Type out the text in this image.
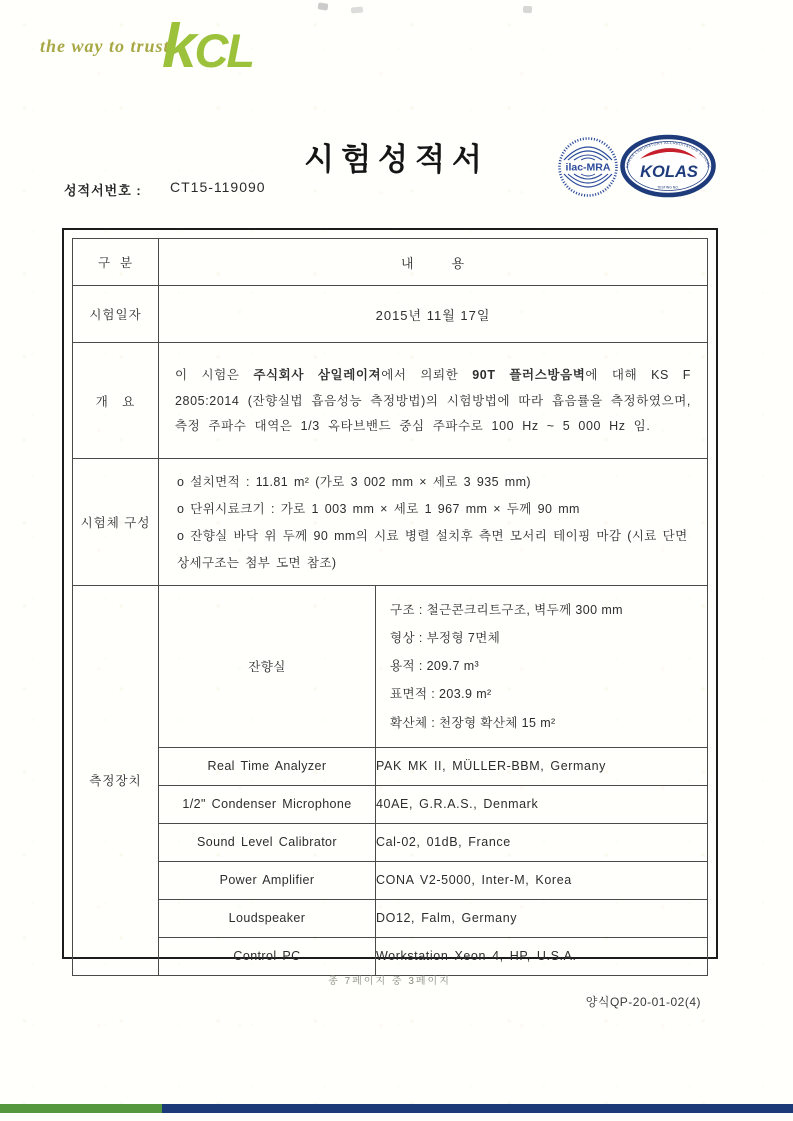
the way to trust
kCL
시험성적서
성적서번호 : CT15-119090
ilac-MRA	KOREA LABORATORY ACCREDITATION SCHEME
KOLAS
TESTING NO.
구  분	내        용	
시험일자	2015년 11월 17일	
개   요	이 시험은 주식회사 삼일레이져에서 의뢰한 90T 플러스방음벽에 대해 KS F 2805:2014 (잔향실법 흡음성능 측정방법)의 시험방법에 따라 흡음률을 측정하였으며, 측정 주파수 대역은 1/3 옥타브밴드 중심 주파수로 100 Hz ~ 5 000 Hz 임.	

시험체 구성	o 설치면적 : 11.81 m² (가로 3 002 mm × 세로 3 935 mm)
o 단위시료크기 : 가로 1 003 mm × 세로 1 967 mm × 두께 90 mm
o 잔향실 바닥 위 두께 90 mm의 시료 병렬 설치후 측면 모서리 테이핑 마감 (시료 단면 상세구조는 첨부 도면 참조)	

측정장치	잔향실	구조 : 철근콘크리트구조, 벽두께 300 mm
형상 : 부정형 7면체
용적 : 209.7 m³
표면적 : 203.9 m²
확산체 : 천장형 확산체 15 m²

	Real Time Analyzer	PAK MK II, MÜLLER-BBM, Germany
	1/2" Condenser Microphone	40AE, G.R.A.S., Denmark
	Sound Level Calibrator	Cal-02, 01dB, France
	Power Amplifier	CONA V2-5000, Inter-M, Korea
	Loudspeaker	DO12, Falm, Germany
	Control PC	Workstation Xeon 4, HP, U.S.A.
총 7페이지 중 3페이지
양식QP-20-01-02(4)
